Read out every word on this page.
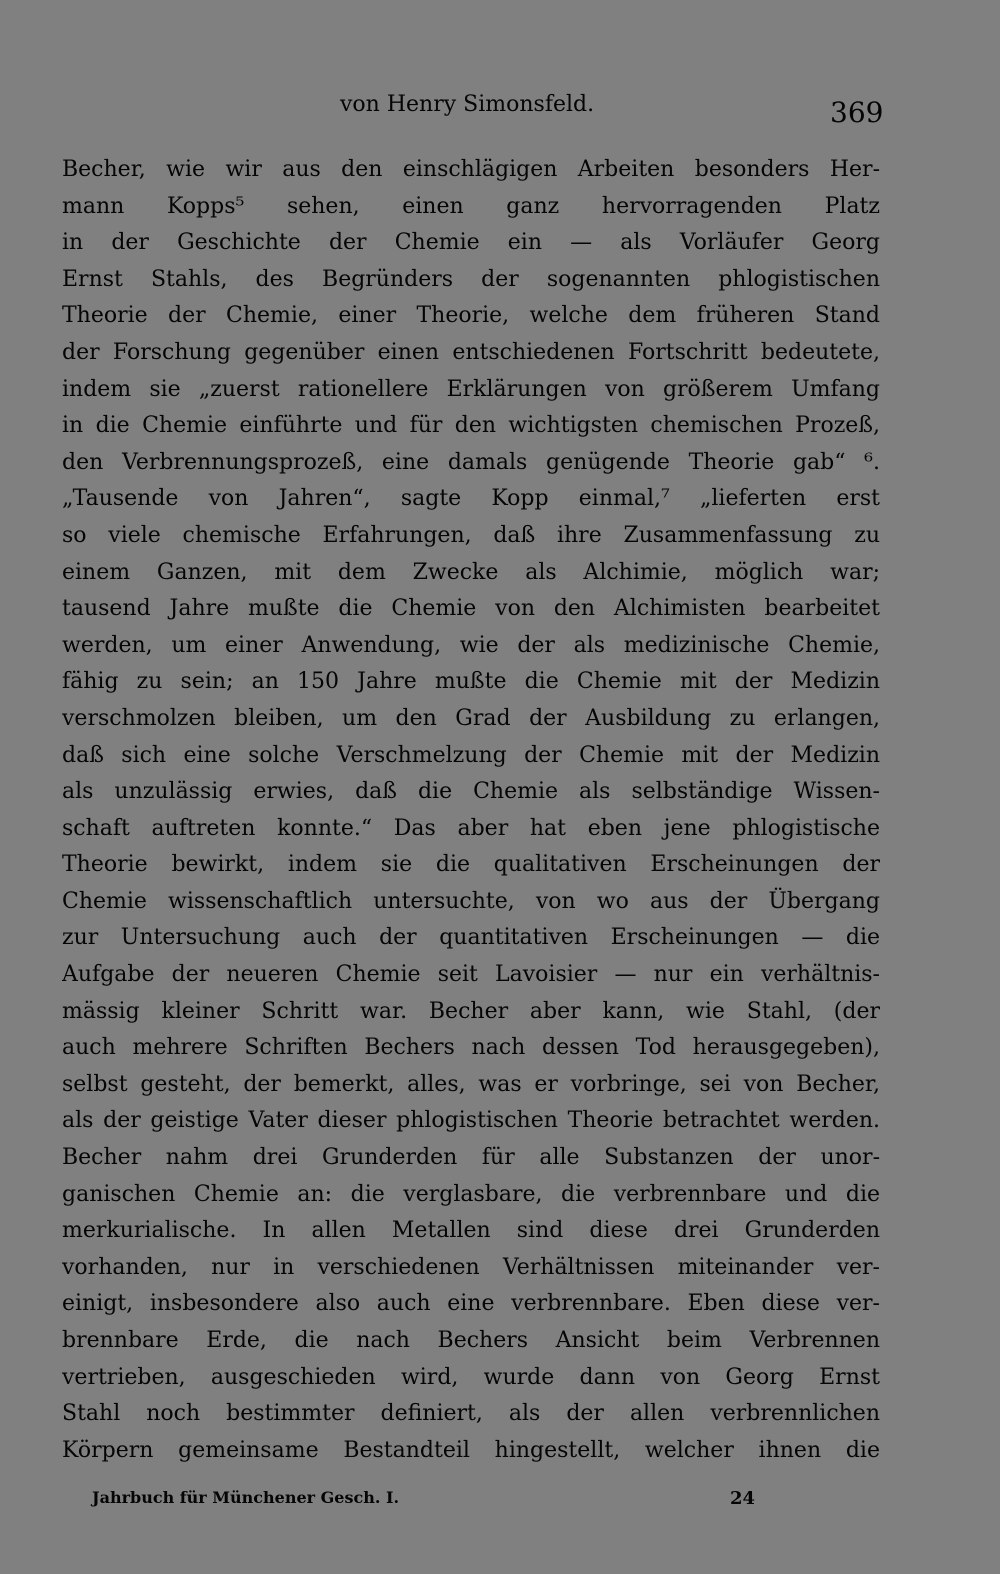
von Henry Simonsfeld.	369
Becher, wie wir aus den einschlägigen Arbeiten besonders Her-
mann Kopps⁵ sehen, einen ganz hervorragenden Platz
in der Geschichte der Chemie ein — als Vorläufer Georg
Ernst Stahls, des Begründers der sogenannten phlogistischen
Theorie der Chemie, einer Theorie, welche dem früheren Stand
der Forschung gegenüber einen entschiedenen Fortschritt bedeutete,
indem sie „zuerst rationellere Erklärungen von größerem Umfang
in die Chemie einführte und für den wichtigsten chemischen Prozeß,
den Verbrennungsprozeß, eine damals genügende Theorie gab“ ⁶.
„Tausende von Jahren“, sagte Kopp einmal,⁷ „lieferten erst
so viele chemische Erfahrungen, daß ihre Zusammenfassung zu
einem Ganzen, mit dem Zwecke als Alchimie, möglich war;
tausend Jahre mußte die Chemie von den Alchimisten bearbeitet
werden, um einer Anwendung, wie der als medizinische Chemie,
fähig zu sein; an 150 Jahre mußte die Chemie mit der Medizin
verschmolzen bleiben, um den Grad der Ausbildung zu erlangen,
daß sich eine solche Verschmelzung der Chemie mit der Medizin
als unzulässig erwies, daß die Chemie als selbständige Wissen-
schaft auftreten konnte.“ Das aber hat eben jene phlogistische
Theorie bewirkt, indem sie die qualitativen Erscheinungen der
Chemie wissenschaftlich untersuchte, von wo aus der Übergang
zur Untersuchung auch der quantitativen Erscheinungen — die
Aufgabe der neueren Chemie seit Lavoisier — nur ein verhältnis-
mässig kleiner Schritt war. Becher aber kann, wie Stahl, (der
auch mehrere Schriften Bechers nach dessen Tod herausgegeben),
selbst gesteht, der bemerkt, alles, was er vorbringe, sei von Becher,
als der geistige Vater dieser phlogistischen Theorie betrachtet werden.
Becher nahm drei Grunderden für alle Substanzen der unor-
ganischen Chemie an: die verglasbare, die verbrennbare und die
merkurialische. In allen Metallen sind diese drei Grunderden
vorhanden, nur in verschiedenen Verhältnissen miteinander ver-
einigt, insbesondere also auch eine verbrennbare. Eben diese ver-
brennbare Erde, die nach Bechers Ansicht beim Verbrennen
vertrieben, ausgeschieden wird, wurde dann von Georg Ernst
Stahl noch bestimmter definiert, als der allen verbrennlichen
Körpern gemeinsame Bestandteil hingestellt, welcher ihnen die
Jahrbuch für Münchener Gesch. I.	24
